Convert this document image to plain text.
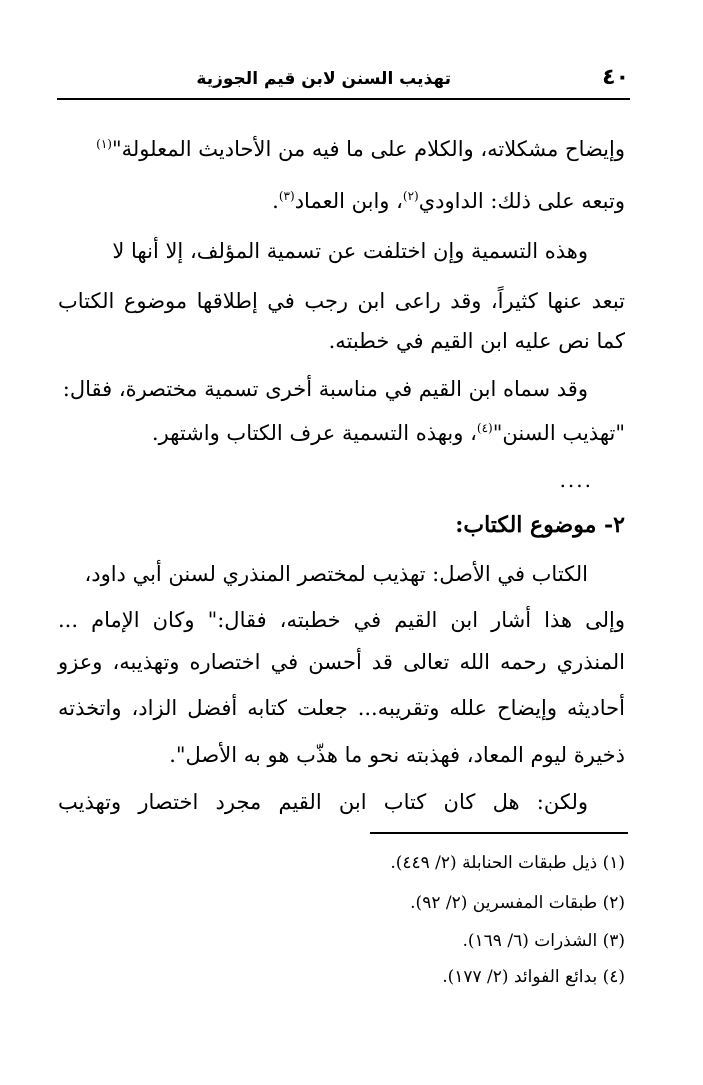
٤٠
تهذيب السنن لابن قيم الجوزية
وإيضاح مشكلاته، والكلام على ما فيه من الأحاديث المعلولة"$^{(١)}$
وتبعه على ذلك: الداودي$^{(٢)}$، وابن العماد$^{(٣)}$.
وهذه التسمية وإن اختلفت عن تسمية المؤلف، إلا أنها لا
تبعد عنها كثيراً، وقد راعى ابن رجب في إطلاقها موضوع الكتاب
كما نص عليه ابن القيم في خطبته.
وقد سماه ابن القيم في مناسبة أخرى تسمية مختصرة، فقال:
"تهذيب السنن"$^{(٤)}$، وبهذه التسمية عرف الكتاب واشتهر.
....
٢- موضوع الكتاب:
الكتاب في الأصل: تهذيب لمختصر المنذري لسنن أبي داود،
وإلى هذا أشار ابن القيم في خطبته، فقال:" وكان الإمام ...
المنذري رحمه الله تعالى قد أحسن في اختصاره وتهذيبه، وعزو
أحاديثه وإيضاح علله وتقريبه... جعلت كتابه أفضل الزاد، واتخذته
ذخيرة ليوم المعاد، فهذبته نحو ما هذّب هو به الأصل".
ولكن: هل كان كتاب ابن القيم مجرد اختصار وتهذيب
(١) ذيل طبقات الحنابلة (٢/ ٤٤٩).
(٢) طبقات المفسرين (٢/ ٩٢).
(٣) الشذرات (٦/ ١٦٩).
(٤) بدائع الفوائد (٢/ ١٧٧).
